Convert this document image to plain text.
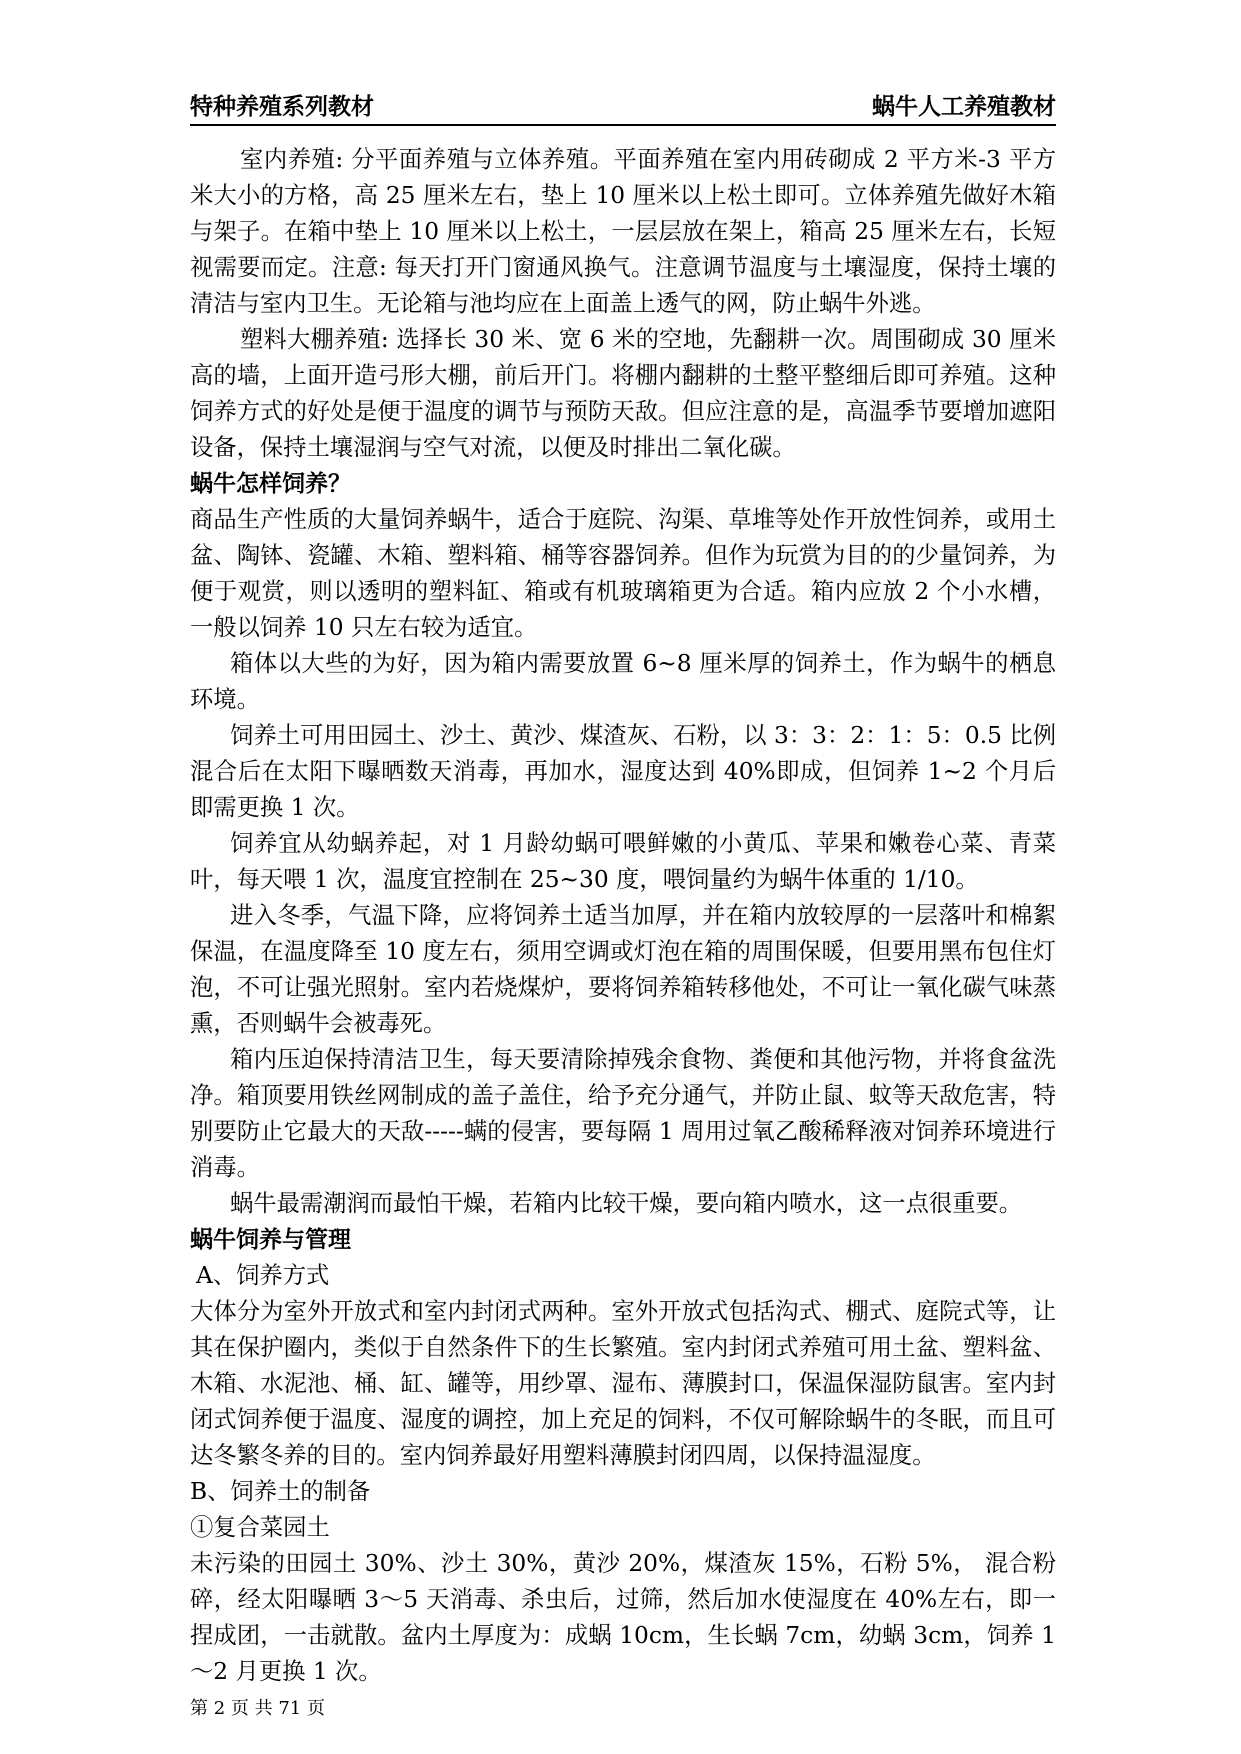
特种养殖系列教材	蜗牛人工养殖教材

室内养殖: 分平面养殖与立体养殖。平面养殖在室内用砖砌成 2 平方米-3 平方米大小的方格，高 25 厘米左右，垫上 10 厘米以上松土即可。立体养殖先做好木箱与架子。在箱中垫上 10 厘米以上松土，一层层放在架上，箱高 25 厘米左右，长短视需要而定。注意: 每天打开门窗通风换气。注意调节温度与土壤湿度，保持土壤的清洁与室内卫生。无论箱与池均应在上面盖上透气的网，防止蜗牛外逃。

塑料大棚养殖: 选择长 30 米、宽 6 米的空地，先翻耕一次。周围砌成 30 厘米高的墙，上面开造弓形大棚，前后开门。将棚内翻耕的土整平整细后即可养殖。这种饲养方式的好处是便于温度的调节与预防天敌。但应注意的是，高温季节要增加遮阳设备，保持土壤湿润与空气对流，以便及时排出二氧化碳。

蜗牛怎样饲养？

商品生产性质的大量饲养蜗牛，适合于庭院、沟渠、草堆等处作开放性饲养，或用土盆、陶钵、瓷罐、木箱、塑料箱、桶等容器饲养。但作为玩赏为目的的少量饲养，为便于观赏，则以透明的塑料缸、箱或有机玻璃箱更为合适。箱内应放 2 个小水槽，一般以饲养 10 只左右较为适宜。

箱体以大些的为好，因为箱内需要放置 6~8 厘米厚的饲养土，作为蜗牛的栖息环境。

饲养土可用田园土、沙土、黄沙、煤渣灰、石粉，以 3：3：2：1：5：0.5 比例混合后在太阳下曝晒数天消毒，再加水，湿度达到 40%即成，但饲养 1~2 个月后即需更换 1 次。

饲养宜从幼蜗养起，对 1 月龄幼蜗可喂鲜嫩的小黄瓜、苹果和嫩卷心菜、青菜叶，每天喂 1 次，温度宜控制在 25~30 度，喂饲量约为蜗牛体重的 1/10。

进入冬季，气温下降，应将饲养土适当加厚，并在箱内放较厚的一层落叶和棉絮保温，在温度降至 10 度左右，须用空调或灯泡在箱的周围保暖，但要用黑布包住灯泡，不可让强光照射。室内若烧煤炉，要将饲养箱转移他处，不可让一氧化碳气味蒸熏，否则蜗牛会被毒死。

箱内压迫保持清洁卫生，每天要清除掉残余食物、粪便和其他污物，并将食盆洗净。箱顶要用铁丝网制成的盖子盖住，给予充分通气，并防止鼠、蚊等天敌危害，特别要防止它最大的天敌-----螨的侵害，要每隔 1 周用过氧乙酸稀释液对饲养环境进行消毒。

蜗牛最需潮润而最怕干燥，若箱内比较干燥，要向箱内喷水，这一点很重要。

蜗牛饲养与管理

A、饲养方式

大体分为室外开放式和室内封闭式两种。室外开放式包括沟式、棚式、庭院式等，让其在保护圈内，类似于自然条件下的生长繁殖。室内封闭式养殖可用土盆、塑料盆、木箱、水泥池、桶、缸、罐等，用纱罩、湿布、薄膜封口，保温保湿防鼠害。室内封闭式饲养便于温度、湿度的调控，加上充足的饲料，不仅可解除蜗牛的冬眠，而且可达冬繁冬养的目的。室内饲养最好用塑料薄膜封闭四周，以保持温湿度。

B、饲养土的制备

①复合菜园土

未污染的田园土 30%、沙土 30%，黄沙 20%，煤渣灰 15%，石粉 5%， 混合粉碎，经太阳曝晒 3～5 天消毒、杀虫后，过筛，然后加水使湿度在 40%左右，即一捏成团，一击就散。盆内土厚度为：成蜗 10cm，生长蜗 7cm，幼蜗 3cm，饲养 1～2 月更换 1 次。

第 2 页 共 71 页
